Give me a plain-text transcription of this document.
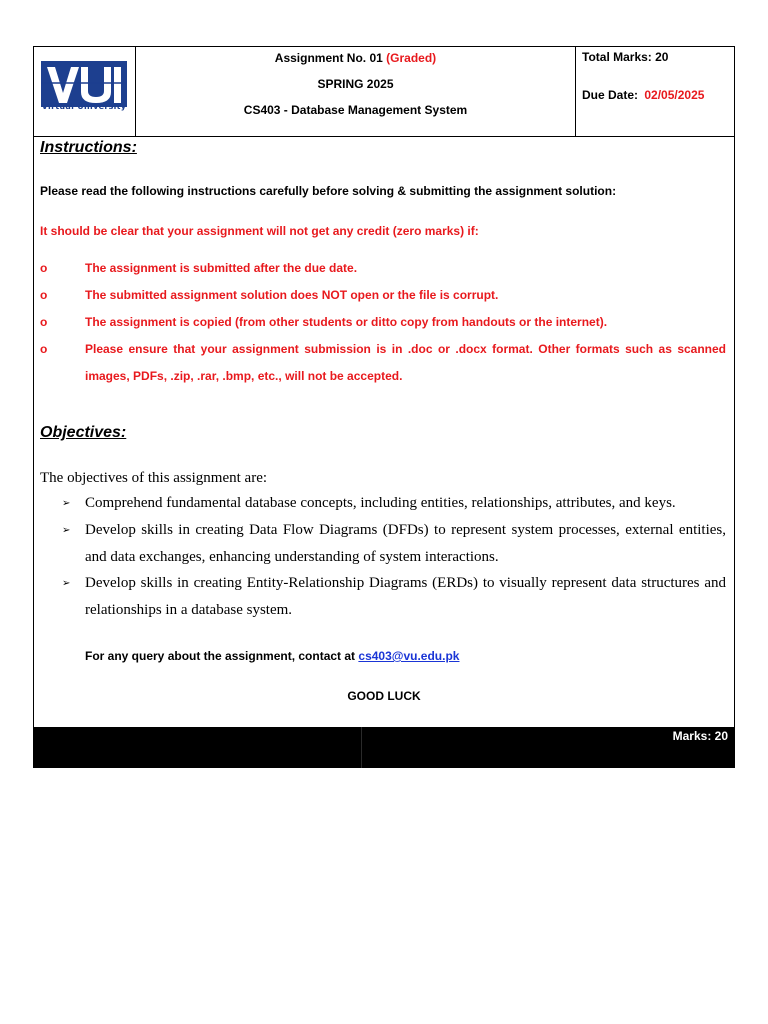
Virtual University
Assignment No. 01 (Graded)
SPRING 2025
CS403 - Database Management System
Total Marks: 20
Due Date: 02/05/2025
Instructions:
Please read the following instructions carefully before solving & submitting the assignment solution:
It should be clear that your assignment will not get any credit (zero marks) if:
o	The assignment is submitted after the due date.
o	The submitted assignment solution does NOT open or the file is corrupt.
o	The assignment is copied (from other students or ditto copy from handouts or the internet).
o	Please ensure that your assignment submission is in .doc or .docx format. Other formats such as scanned images, PDFs, .zip, .rar, .bmp, etc., will not be accepted.
Objectives:
The objectives of this assignment are:
➢ Comprehend fundamental database concepts, including entities, relationships, attributes, and keys.
➢ Develop skills in creating Data Flow Diagrams (DFDs) to represent system processes, external entities, and data exchanges, enhancing understanding of system interactions.
➢ Develop skills in creating Entity-Relationship Diagrams (ERDs) to visually represent data structures and relationships in a database system.
For any query about the assignment, contact at cs403@vu.edu.pk
GOOD LUCK
Marks: 20
